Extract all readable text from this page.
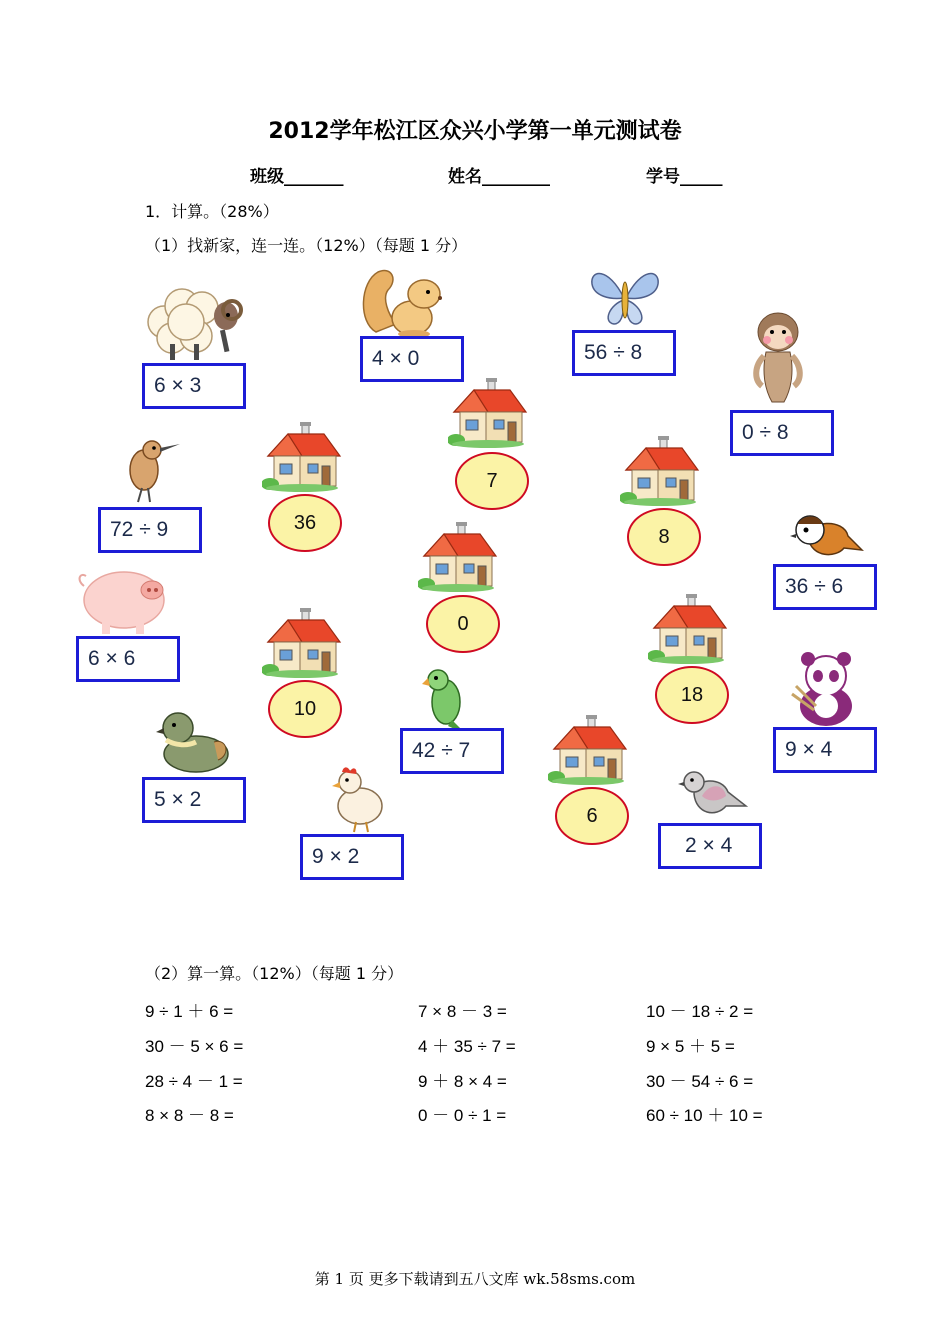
2012学年松江区众兴小学第一单元测试卷
班级_______	姓名________	学号_____
1．计算。（28%）
（1）找新家，连一连。（12%）（每题 1 分）
6 × 3
4 × 0	56 ÷ 8
0 ÷ 8
72 ÷ 9
36 ÷ 6
6 × 6
42 ÷ 7	9 × 4
5 × 2
9 × 2	2 × 4
7
36
8
0
10
18
6
（2）算一算。（12%）（每题 1 分）
9 ÷ 1 ＋ 6 =	7 × 8 － 3 =	10 － 18 ÷ 2 =
30 － 5 × 6 =	4 ＋ 35 ÷ 7 =	9 × 5 ＋ 5 =
28 ÷ 4 － 1 =	9 ＋ 8 × 4 =	30 － 54 ÷ 6 =
8 × 8 － 8 =	0 － 0 ÷ 1 =	60 ÷ 10 ＋ 10 =
第 1 页 更多下载请到五八文库 wk.58sms.com
